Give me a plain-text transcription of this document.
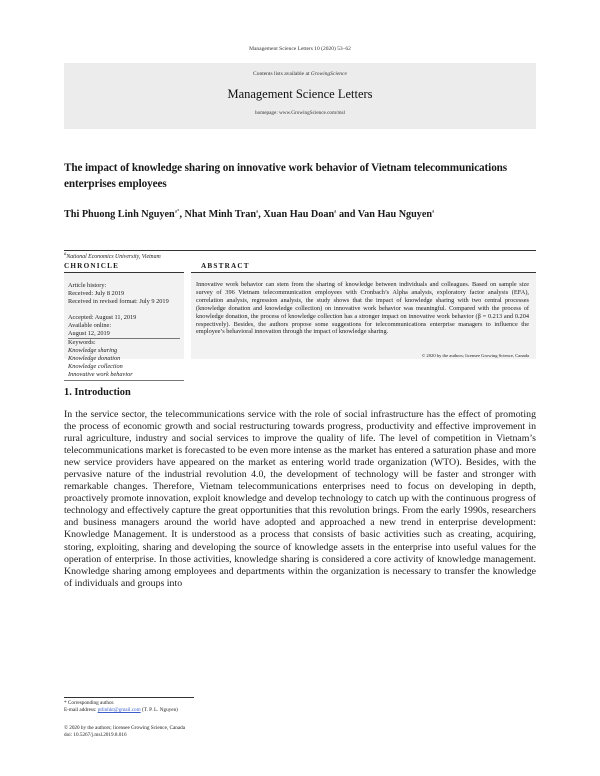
Management Science Letters 10 (2020) 53–62
Contents lists available at GrowingScience
Management Science Letters
homepage: www.GrowingScience.com/msl
The impact of knowledge sharing on innovative work behavior of Vietnam telecommunications enterprises employees
Thi Phuong Linh Nguyen$^{a*}$, Nhat Minh Tran$^a$, Xuan Hau Doan$^a$ and Van Hau Nguyen$^a$
$^a$National Economics University, Vietnam
CHRONICLE	ABSTRACT
Article history:
Received: July 8 2019
Received in revised format: July 9 2019
Accepted: August 11, 2019
Available online:
August 12, 2019
Keywords:
Knowledge sharing
Knowledge donation
Knowledge collection
Innovative work behavior
Innovative work behavior can stem from the sharing of knowledge between individuals and colleagues. Based on sample size survey of 396 Vietnam telecommunication employees with Cronbach’s Alpha analysis, exploratory factor analysis (EFA), correlation analysis, regression analysis, the study shows that the impact of knowledge sharing with two central processes (knowledge donation and knowledge collection) on innovative work behavior was meaningful. Compared with the process of knowledge donation, the process of knowledge collection has a stronger impact on innovative work behavior (β = 0.213 and 0.204 respectively). Besides, the authors propose some suggestions for telecommunications enterprise managers to influence the employee’s behavioral innovation through the impact of knowledge sharing.
© 2020 by the authors; licensee Growing Science, Canada
1. Introduction
In the service sector, the telecommunications service with the role of social infrastructure has the effect of promoting the process of economic growth and social restructuring towards progress, productivity and effective improvement in rural agriculture, industry and social services to improve the quality of life. The level of competition in Vietnam’s telecommunications market is forecasted to be even more intense as the market has entered a saturation phase and more new service providers have appeared on the market as entering world trade organization (WTO). Besides, with the pervasive nature of the industrial revolution 4.0, the development of technology will be faster and stronger with remarkable changes. Therefore, Vietnam telecommunications enterprises need to focus on developing in depth, proactively promote innovation, exploit knowledge and develop technology to catch up with the continuous progress of technology and effectively capture the great opportunities that this revolution brings. From the early 1990s, researchers and business managers around the world have adopted and approached a new trend in enterprise development: Knowledge Management. It is understood as a process that consists of basic activities such as creating, acquiring, storing, exploiting, sharing and developing the source of knowledge assets in the enterprise into useful values for the operation of enterprise. In those activities, knowledge sharing is considered a core activity of knowledge management. Knowledge sharing among employees and departments within the organization is necessary to transfer the knowledge of individuals and groups into
* Corresponding author.
E-mail address: ptlinhkt@gmail.com (T. P. L. Nguyen)
© 2020 by the authors; licensee Growing Science, Canada
doi: 10.5267/j.msl.2019.8.016
